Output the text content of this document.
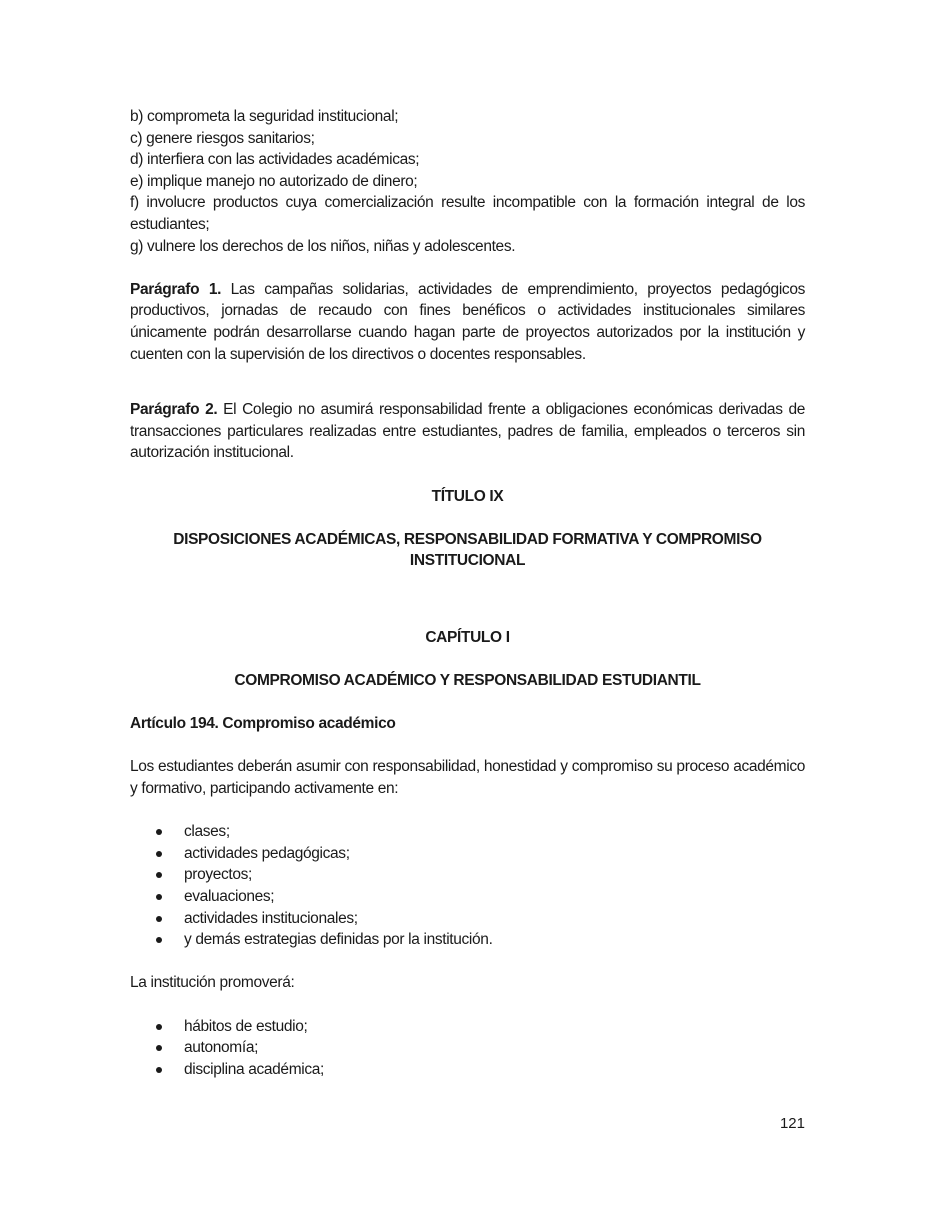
b) comprometa la seguridad institucional;

c) genere riesgos sanitarios;

d) interfiera con las actividades académicas;

e) implique manejo no autorizado de dinero;

f) involucre productos cuya comercialización resulte incompatible con la formación integral de los estudiantes;

g) vulnere los derechos de los niños, niñas y adolescentes.

Parágrafo 1. Las campañas solidarias, actividades de emprendimiento, proyectos pedagógicos productivos, jornadas de recaudo con fines benéficos o actividades institucionales similares únicamente podrán desarrollarse cuando hagan parte de proyectos autorizados por la institución y cuenten con la supervisión de los directivos o docentes responsables.

Parágrafo 2. El Colegio no asumirá responsabilidad frente a obligaciones económicas derivadas de transacciones particulares realizadas entre estudiantes, padres de familia, empleados o terceros sin autorización institucional.

TÍTULO IX

DISPOSICIONES ACADÉMICAS, RESPONSABILIDAD FORMATIVA Y COMPROMISO

INSTITUCIONAL

CAPÍTULO I

COMPROMISO ACADÉMICO Y RESPONSABILIDAD ESTUDIANTIL

Artículo 194. Compromiso académico

Los estudiantes deberán asumir con responsabilidad, honestidad y compromiso su proceso académico y formativo, participando activamente en:

clases;
actividades pedagógicas;
proyectos;
evaluaciones;
actividades institucionales;
y demás estrategias definidas por la institución.

La institución promoverá:

hábitos de estudio;
autonomía;
disciplina académica;
121
